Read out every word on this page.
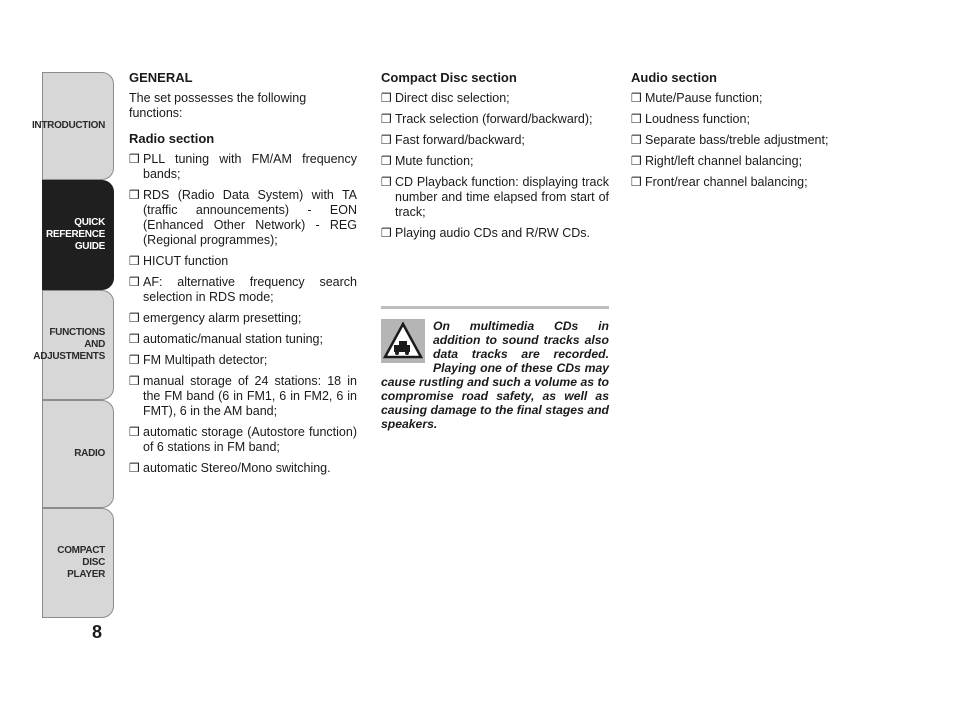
INTRODUCTION
QUICK
REFERENCE
GUIDE
FUNCTIONS
AND
ADJUSTMENTS
RADIO
COMPACT DISC
PLAYER
8

GENERAL

The set possesses the following functions:

Radio section

❒ PLL tuning with FM/AM frequency bands;
❒ RDS (Radio Data System) with TA (traffic announcements) - EON (Enhanced Other Network) - REG (Regional programmes);
❒ HICUT function
❒ AF: alternative frequency search selection in RDS mode;
❒ emergency alarm presetting;
❒ automatic/manual station tuning;
❒ FM Multipath detector;
❒ manual storage of 24 stations: 18 in the FM band (6 in FM1, 6 in FM2, 6 in FMT), 6 in the AM band;
❒ automatic storage (Autostore function) of 6 stations in FM band;
❒ automatic Stereo/Mono switching.

Compact Disc section

❒ Direct disc selection;
❒ Track selection (forward/backward);
❒ Fast forward/backward;
❒ Mute function;
❒ CD Playback function: displaying track number and time elapsed from start of track;
❒ Playing audio CDs and R/RW CDs.

On multimedia CDs in addition to sound tracks also data tracks are recorded. Playing one of these CDs may cause rustling and such a volume as to compromise road safety, as well as causing damage to the final stages and speakers.

Audio section

❒ Mute/Pause function;
❒ Loudness function;
❒ Separate bass/treble adjustment;
❒ Right/left channel balancing;
❒ Front/rear channel balancing;
